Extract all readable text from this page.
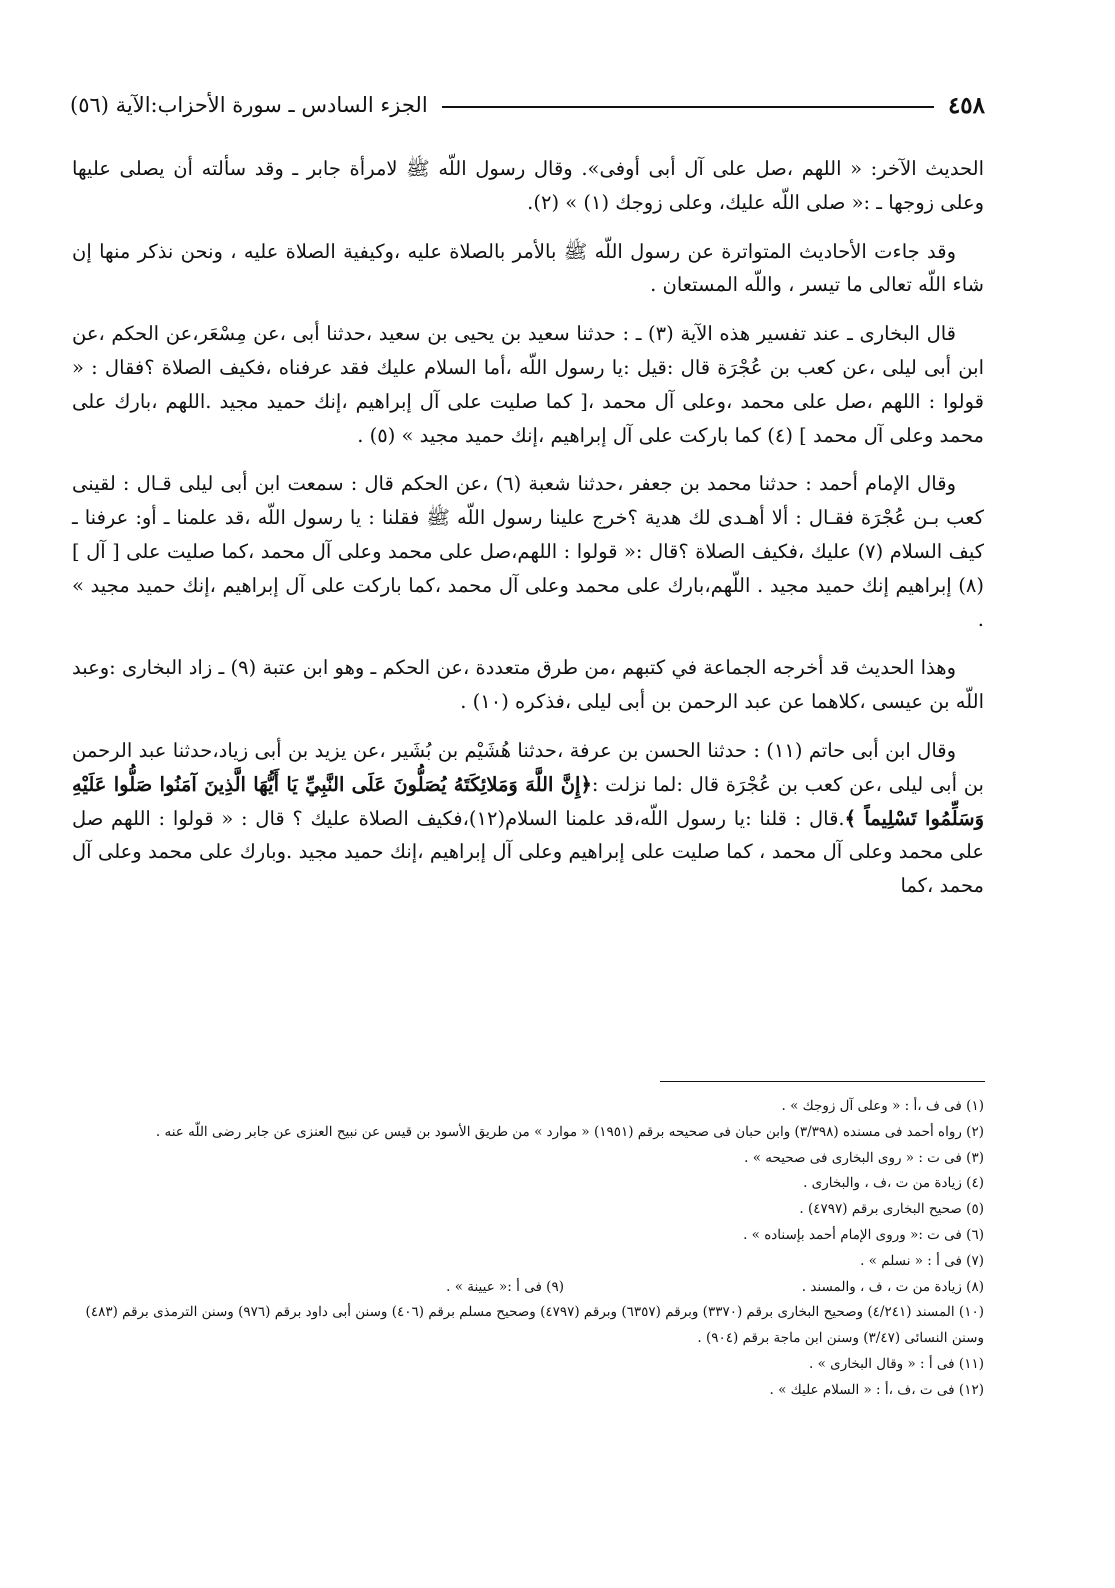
الجزء السادس ـ سورة الأحزاب:الآية (٥٦)	٤٥٨

الحديث الآخر: « اللهم ،صل على آل أبى أوفى». وقال رسول اللّه ﷺ لامرأة جابر ـ وقد سألته أن يصلى عليها وعلى زوجها ـ :« صلى اللّه عليك، وعلى زوجك (١) » (٢).

وقد جاءت الأحاديث المتواترة عن رسول اللّه ﷺ بالأمر بالصلاة عليه ،وكيفية الصلاة عليه ، ونحن نذكر منها إن شاء اللّه تعالى ما تيسر ، واللّه المستعان .

قال البخارى ـ عند تفسير هذه الآية (٣) ـ : حدثنا سعيد بن يحيى بن سعيد ،حدثنا أبى ،عن مِسْعَر،عن الحكم ،عن ابن أبى ليلى ،عن كعب بن عُجْرَة قال :قيل :يا رسول اللّه ،أما السلام عليك فقد عرفناه ،فكيف الصلاة ؟فقال : « قولوا : اللهم ،صل على محمد ،وعلى آل محمد ،[ كما صليت على آل إبراهيم ،إنك حميد مجيد .اللهم ،بارك على محمد وعلى آل محمد ] (٤) كما باركت على آل إبراهيم ،إنك حميد مجيد » (٥) .

وقال الإمام أحمد : حدثنا محمد بن جعفر ،حدثنا شعبة (٦) ،عن الحكم قال : سمعت ابن أبى ليلى قـال : لقينى كعب بـن عُجْرَة فقـال : ألا أهـدى لك هدية ؟خرج علينا رسول اللّه ﷺ فقلنا : يا رسول اللّه ،قد علمنا ـ أو: عرفنا ـ كيف السلام (٧) عليك ،فكيف الصلاة ؟قال :« قولوا : اللهم،صل على محمد وعلى آل محمد ،كما صليت على [ آل ] (٨) إبراهيم إنك حميد مجيد . اللّهم،بارك على محمد وعلى آل محمد ،كما باركت على آل إبراهيم ،إنك حميد مجيد » .

وهذا الحديث قد أخرجه الجماعة في كتبهم ،من طرق متعددة ،عن الحكم ـ وهو ابن عتبة (٩) ـ زاد البخارى :وعبد اللّه بن عيسى ،كلاهما عن عبد الرحمن بن أبى ليلى ،فذكره (١٠) .

وقال ابن أبى حاتم (١١) : حدثنا الحسن بن عرفة ،حدثنا هُشَيْم بن بُشَير ،عن يزيد بن أبى زياد،حدثنا عبد الرحمن بن أبى ليلى ،عن كعب بن عُجْرَة قال :لما نزلت :﴿إِنَّ اللَّهَ وَمَلائِكَتَهُ يُصَلُّونَ عَلَى النَّبِيِّ يَا أَيُّهَا الَّذِينَ آمَنُوا صَلُّوا عَلَيْهِ وَسَلِّمُوا تَسْلِيماً ﴾.قال : قلنا :يا رسول اللّه،قد علمنا السلام(١٢)،فكيف الصلاة عليك ؟ قال : « قولوا : اللهم صل على محمد وعلى آل محمد ، كما صليت على إبراهيم وعلى آل إبراهيم ،إنك حميد مجيد .وبارك على محمد وعلى آل محمد ،كما

(١) فى ف ،أ : « وعلى آل زوجك » .
(٢) رواه أحمد فى مسنده (٣/٣٩٨) وابن حبان فى صحيحه برقم (١٩٥١) « موارد » من طريق الأسود بن قيس عن نبيح العنزى عن جابر رضى اللّه عنه .
(٣) فى ت : « روى البخارى فى صحيحه » .
(٤) زيادة من ت ،ف ، والبخارى .
(٥) صحيح البخارى برقم (٤٧٩٧) .
(٦) فى ت :« وروى الإمام أحمد بإسناده » .
(٧) فى أ : « نسلم » .
(٨) زيادة من ت ، ف ، والمسند .
(٩) فى أ :« عيينة » .
(١٠) المسند (٤/٢٤١) وصحيح البخارى برقم (٣٣٧٠) وبرقم (٦٣٥٧) وبرقم (٤٧٩٧) وصحيح مسلم برقم (٤٠٦) وسنن أبى داود برقم (٩٧٦) وسنن الترمذى برقم (٤٨٣) وسنن النسائى (٣/٤٧) وسنن ابن ماجة برقم (٩٠٤) .
(١١) فى أ : « وقال البخارى » .
(١٢) فى ت ،ف ،أ : « السلام عليك » .
